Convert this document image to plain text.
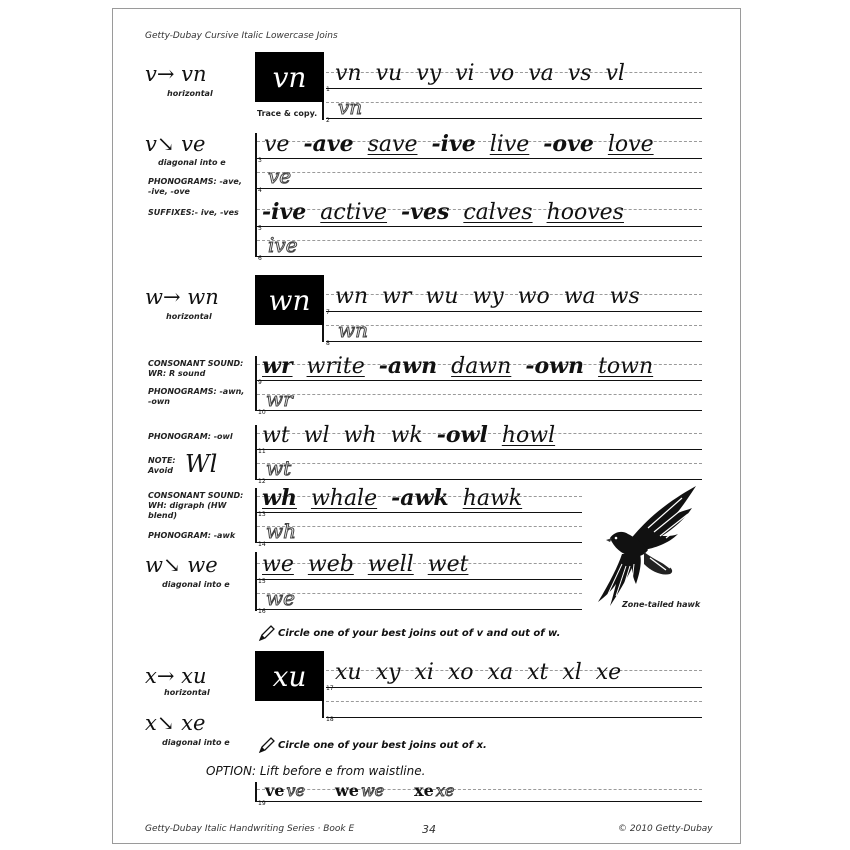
Getty-Dubay Cursive Italic Lowercase Joins
v→ vn
horizontal	vn
Trace & copy.
1
2
vn vu vy vi vo va vs vl
vn
v↘ ve
diagonal into e
PHONOGRAMS: -ave, -ive, -ove
SUFFIXES:- ive, -ves
3
4
5
6
ve -ave save -ive live -ove love
ve
-ive active -ves calves hooves
ive
w→ wn
horizontal	wn	7
8
wn wr wu wy wo wa ws
wn
CONSONANT SOUND: WR: R sound
PHONOGRAMS: -awn, -own
9
10
wr write -awn dawn -own town
wr
PHONOGRAM: -owl
NOTE:
Avoid Wl	11
12
wt wl wh wk -owl howl
wt
CONSONANT SOUND: WH: digraph (HW blend)
PHONOGRAM: -awk
13
14
wh whale -awk hawk
wh
w↘ we
diagonal into e	15
16
we web well wet
we	Zone-tailed hawk
Circle one of your best joins out of v and out of w.
x→ xu
horizontal
x↘ xe
diagonal into e
xu	17
18
xu xy xi xo xa xt xl xe
Circle one of your best joins out of x.
OPTION: Lift before e from waistline.
19
ve ve we we xe xe
Getty-Dubay Italic Handwriting Series · Book E	34	© 2010 Getty-Dubay
